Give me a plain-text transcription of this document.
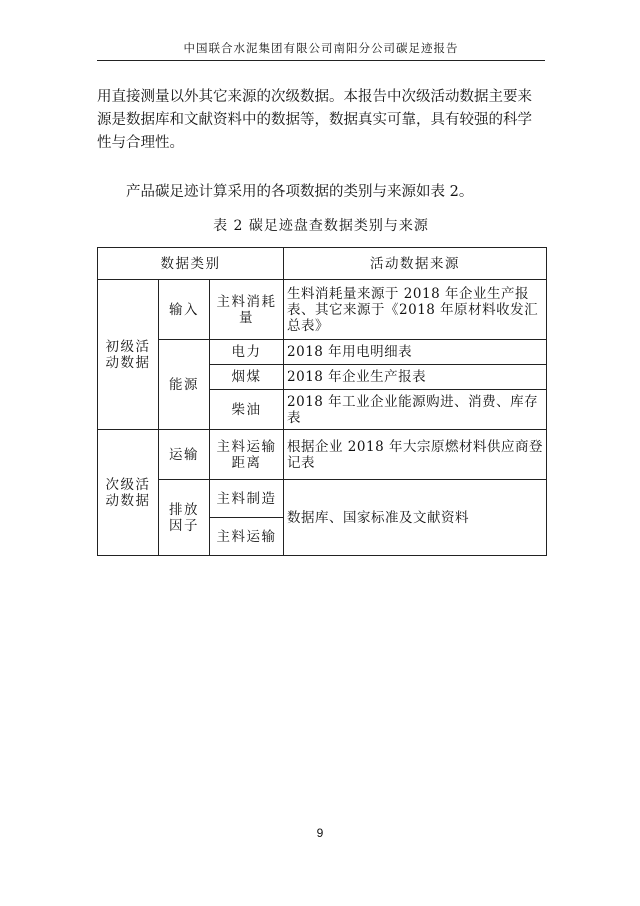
中国联合水泥集团有限公司南阳分公司碳足迹报告

用直接测量以外其它来源的次级数据。本报告中次级活动数据主要来源是数据库和文献资料中的数据等，数据真实可靠，具有较强的科学性与合理性。

产品碳足迹计算采用的各项数据的类别与来源如表 2。

表 2 碳足迹盘查数据类别与来源
数据类别			活动数据来源
初级活动数据	输入	主料消耗量	生料消耗量来源于 2018 年企业生产报表、其它来源于《2018 年原材料收发汇总表》
	能源	电力	2018 年用电明细表
		烟煤	2018 年企业生产报表
		柴油	2018 年工业企业能源购进、消费、库存表
次级活动数据	运输	主料运输距离	根据企业 2018 年大宗原燃材料供应商登记表
	排放因子	主料制造	数据库、国家标准及文献资料
		主料运输	
9
